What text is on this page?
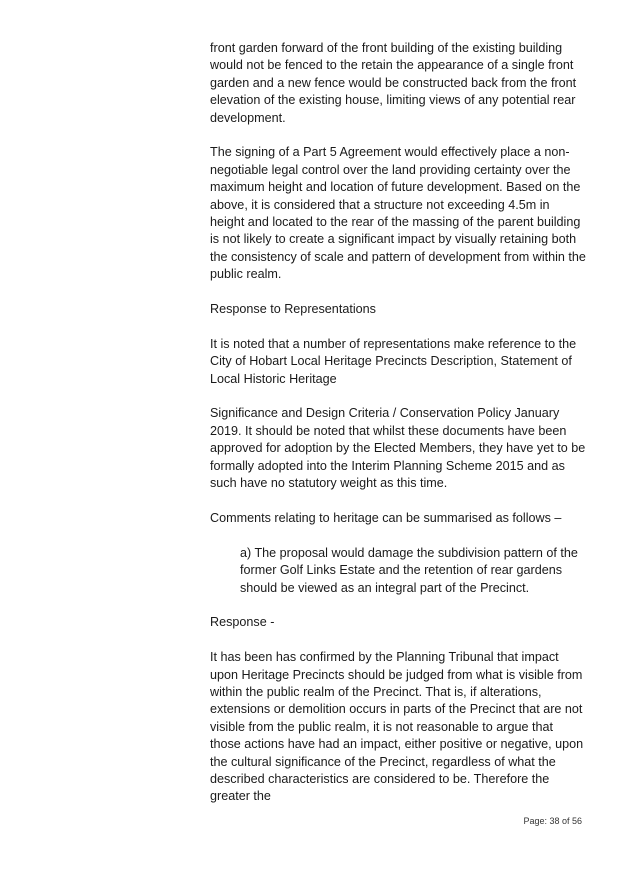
front garden forward of the front building of the existing building would not be fenced to the retain the appearance of a single front garden and a new fence would be constructed back from the front elevation of the existing house, limiting views of any potential rear development.

The signing of a Part 5 Agreement would effectively place a non-negotiable legal control over the land providing certainty over the maximum height and location of future development. Based on the above, it is considered that a structure not exceeding 4.5m in height and located to the rear of the massing of the parent building is not likely to create a significant impact by visually retaining both the consistency of scale and pattern of development from within the public realm.

Response to Representations

It is noted that a number of representations make reference to the City of Hobart Local Heritage Precincts Description, Statement of Local Historic Heritage

Significance and Design Criteria / Conservation Policy January 2019. It should be noted that whilst these documents have been approved for adoption by the Elected Members, they have yet to be formally adopted into the Interim Planning Scheme 2015 and as such have no statutory weight as this time.

Comments relating to heritage can be summarised as follows –

a) The proposal would damage the subdivision pattern of the former Golf Links Estate and the retention of rear gardens should be viewed as an integral part of the Precinct.

Response -

It has been has confirmed by the Planning Tribunal that impact upon Heritage Precincts should be judged from what is visible from within the public realm of the Precinct. That is, if alterations, extensions or demolition occurs in parts of the Precinct that are not visible from the public realm, it is not reasonable to argue that those actions have had an impact, either positive or negative, upon the cultural significance of the Precinct, regardless of what the described characteristics are considered to be. Therefore the greater the

Page: 38 of 56
